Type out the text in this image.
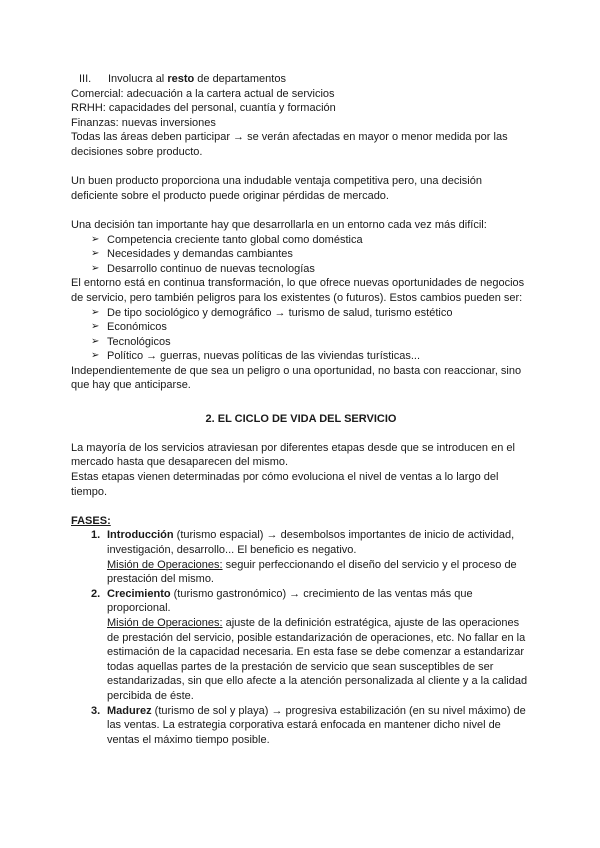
III.	Involucra al resto de departamentos

Comercial: adecuación a la cartera actual de servicios

RRHH: capacidades del personal, cuantía y formación

Finanzas: nuevas inversiones

Todas las áreas deben participar → se verán afectadas en mayor o menor medida por las decisiones sobre producto.

Un buen producto proporciona una indudable ventaja competitiva pero, una decisión deficiente sobre el producto puede originar pérdidas de mercado.

Una decisión tan importante hay que desarrollarla en un entorno cada vez más difícil:

➢ Competencia creciente tanto global como doméstica
➢ Necesidades y demandas cambiantes
➢ Desarrollo continuo de nuevas tecnologías

El entorno está en continua transformación, lo que ofrece nuevas oportunidades de negocios de servicio, pero también peligros para los existentes (o futuros). Estos cambios pueden ser:

➢ De tipo sociológico y demográfico → turismo de salud, turismo estético
➢ Económicos
➢ Tecnológicos
➢ Político → guerras, nuevas políticas de las viviendas turísticas...

Independientemente de que sea un peligro o una oportunidad, no basta con reaccionar, sino que hay que anticiparse.

2. EL CICLO DE VIDA DEL SERVICIO

La mayoría de los servicios atraviesan por diferentes etapas desde que se introducen en el mercado hasta que desaparecen del mismo.

Estas etapas vienen determinadas por cómo evoluciona el nivel de ventas a lo largo del tiempo.

FASES:

1. Introducción (turismo espacial) → desembolsos importantes de inicio de actividad, investigación, desarrollo... El beneficio es negativo.

Misión de Operaciones: seguir perfeccionando el diseño del servicio y el proceso de prestación del mismo.

2. Crecimiento (turismo gastronómico) → crecimiento de las ventas más que proporcional.

Misión de Operaciones: ajuste de la definición estratégica, ajuste de las operaciones de prestación del servicio, posible estandarización de operaciones, etc. No fallar en la estimación de la capacidad necesaria. En esta fase se debe comenzar a estandarizar todas aquellas partes de la prestación de servicio que sean susceptibles de ser estandarizadas, sin que ello afecte a la atención personalizada al cliente y a la calidad percibida de éste.

3. Madurez (turismo de sol y playa) → progresiva estabilización (en su nivel máximo) de las ventas. La estrategia corporativa estará enfocada en mantener dicho nivel de ventas el máximo tiempo posible.
